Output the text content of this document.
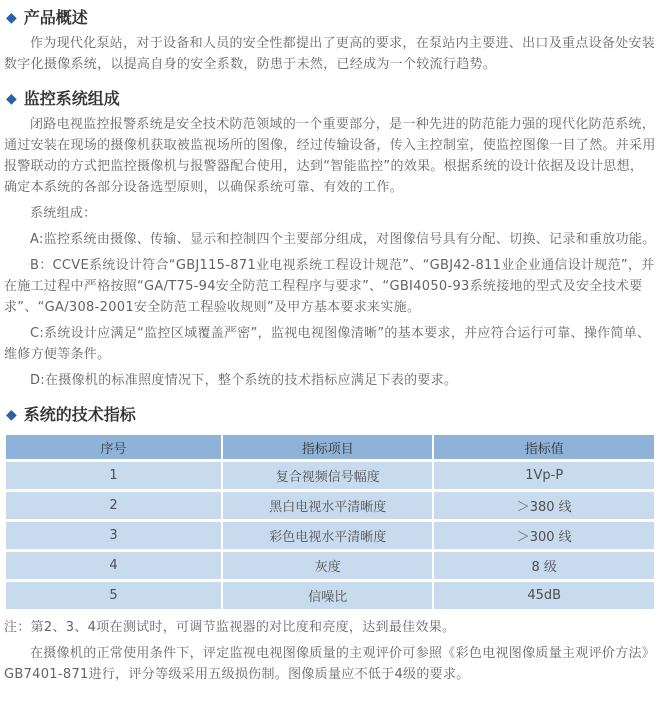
◆ 产品概述

作为现代化泵站，对于设备和人员的安全性都提出了更高的要求，在泵站内主要进、出口及重点设备处安装数字化摄像系统，以提高自身的安全系数，防患于未然，已经成为一个较流行趋势。

◆ 监控系统组成

闭路电视监控报警系统是安全技术防范领域的一个重要部分，是一种先进的防范能力强的现代化防范系统，通过安装在现场的摄像机获取被监视场所的图像，经过传输设备，传入主控制室，使监控图像一目了然。并采用报警联动的方式把监控摄像机与报警器配合使用，达到“智能监控”的效果。根据系统的设计依据及设计思想，确定本系统的各部分设备选型原则，以确保系统可靠、有效的工作。

系统组成：

A:监控系统由摄像、传输、显示和控制四个主要部分组成，对图像信号具有分配、切换、记录和重放功能。

B：CCVE系统设计符合“GBJ115-871业电视系统工程设计规范”、“GBJ42-811业企业通信设计规范”，并在施工过程中严格按照“GA/T75-94安全防范工程程序与要求”、“GBI4050-93系统接地的型式及安全技术要求”、“GA/308-2001安全防范工程验收规则”及甲方基本要求来实施。

C:系统设计应满足“监控区域覆盖严密”，监视电视图像清晰”的基本要求，并应符合运行可靠、操作简单、维修方便等条件。

D:在摄像机的标准照度情况下，整个系统的技术指标应满足下表的要求。

◆ 系统的技术指标
序号	指标项目	指标值
1	复合视频信号幅度	1Vp-P
2	黑白电视水平清晰度	＞380 线
3	彩色电视水平清晰度	＞300 线
4	灰度	8 级
5	信噪比	45dB

注：第2、3、4项在测试时，可调节监视器的对比度和亮度，达到最佳效果。

在摄像机的正常使用条件下，评定监视电视图像质量的主观评价可参照《彩色电视图像质量主观评价方法》GB7401-871进行，评分等级采用五级损伤制。图像质量应不低于4级的要求。
